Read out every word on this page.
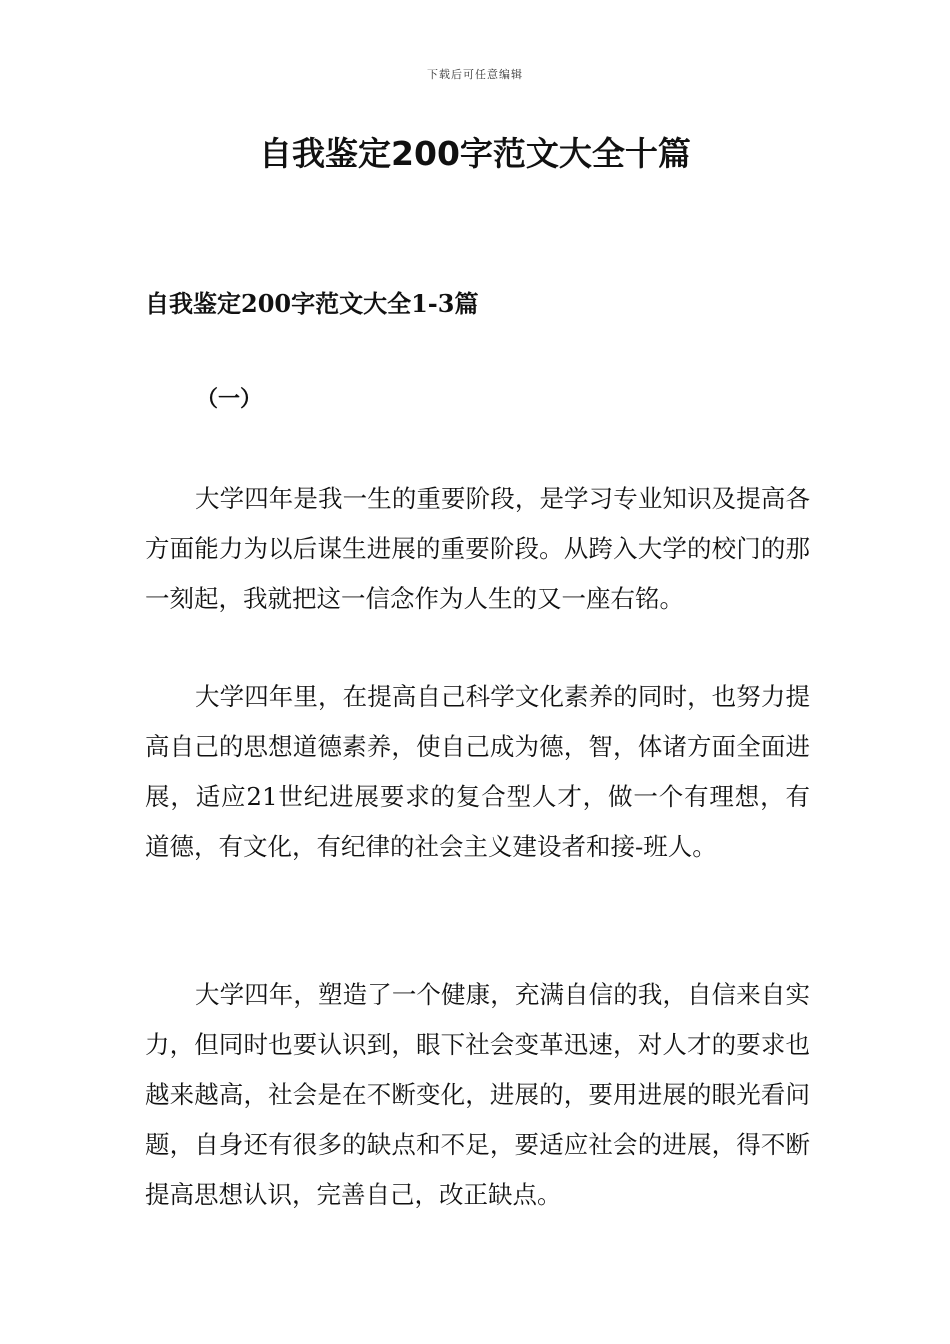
下载后可任意编辑
自我鉴定200字范文大全十篇
自我鉴定200字范文大全1-3篇
（一）

大学四年是我一生的重要阶段，是学习专业知识及提高各方面能力为以后谋生进展的重要阶段。从跨入大学的校门的那一刻起，我就把这一信念作为人生的又一座右铭。

大学四年里，在提高自己科学文化素养的同时，也努力提高自己的思想道德素养，使自己成为德，智，体诸方面全面进展，适应21世纪进展要求的复合型人才，做一个有理想，有道德，有文化，有纪律的社会主义建设者和接-班人。

大学四年，塑造了一个健康，充满自信的我，自信来自实力，但同时也要认识到，眼下社会变革迅速，对人才的要求也越来越高，社会是在不断变化，进展的，要用进展的眼光看问题，自身还有很多的缺点和不足，要适应社会的进展，得不断提高思想认识，完善自己，改正缺点。
